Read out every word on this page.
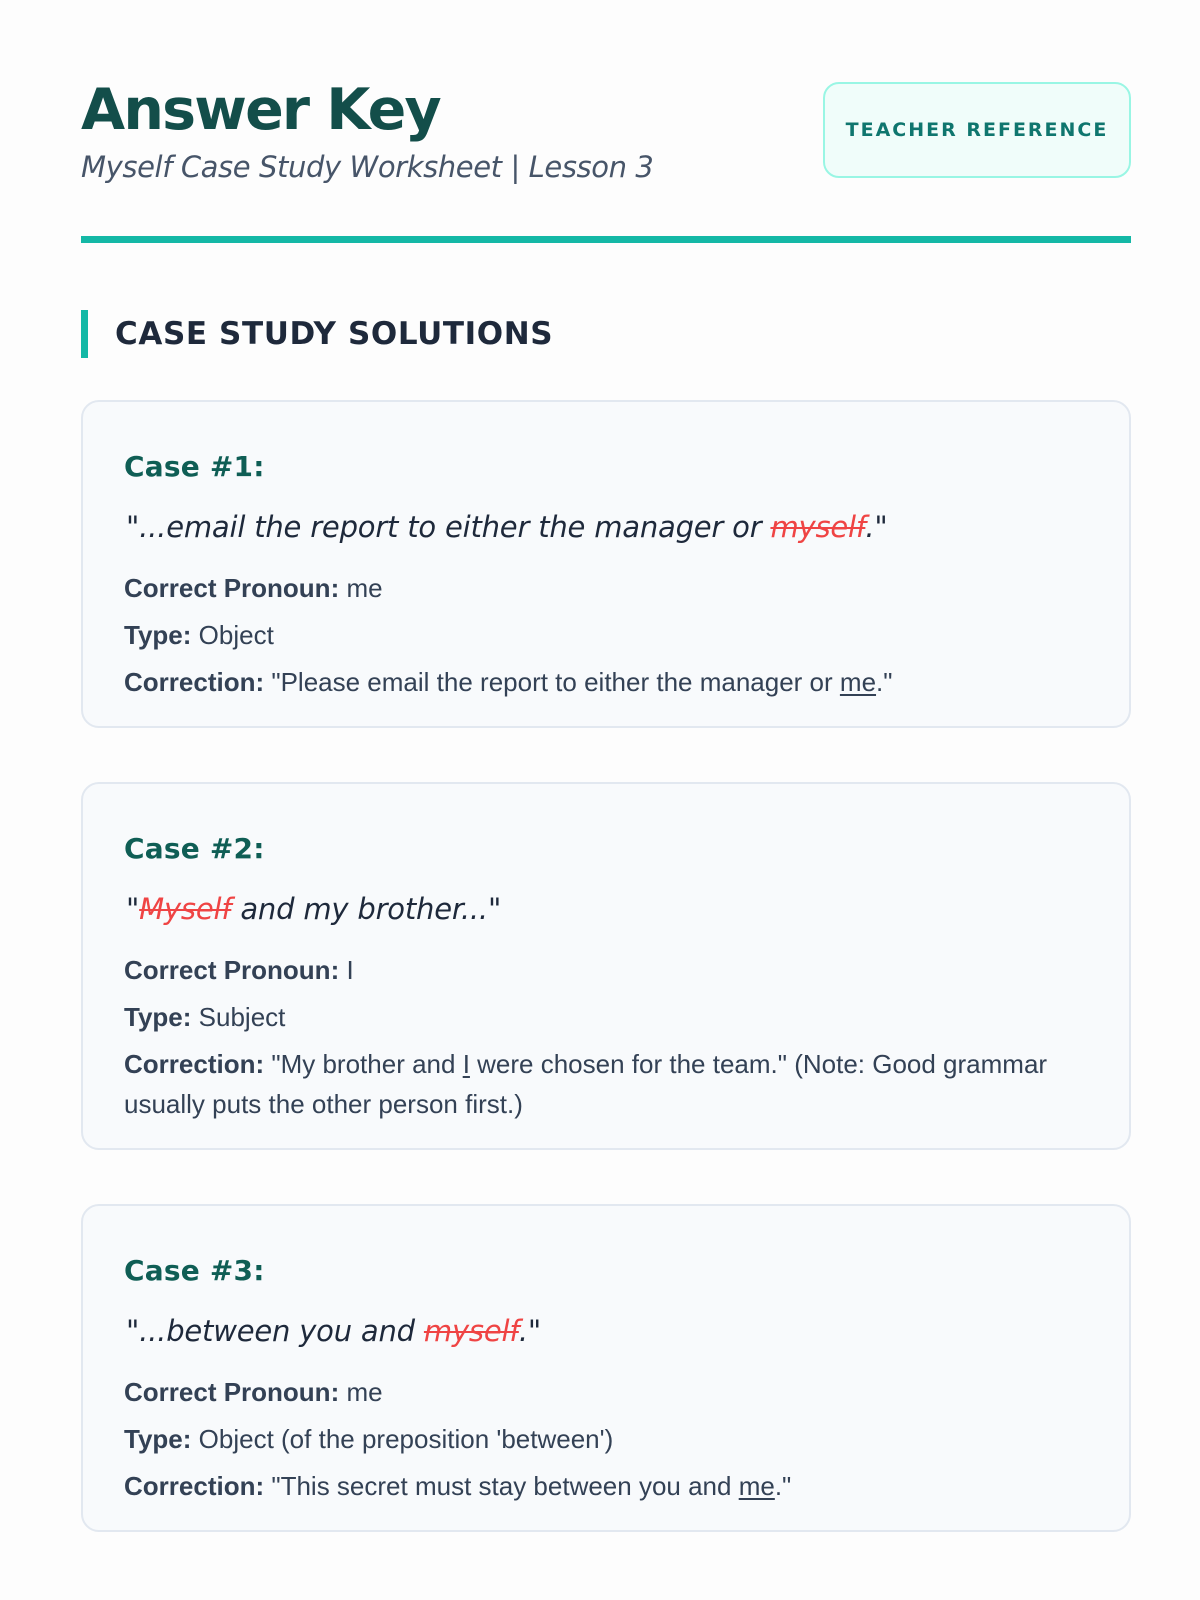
Answer Key

Myself Case Study Worksheet | Lesson 3

TEACHER REFERENCE
CASE STUDY SOLUTIONS
Case #1:
"...email the report to either the manager or myself."
Correct Pronoun: me
Type: Object
Correction: "Please email the report to either the manager or me."
Case #2:
"Myself and my brother..."
Correct Pronoun: I
Type: Subject
Correction: "My brother and I were chosen for the team." (Note: Good grammar usually puts the other person first.)
Case #3:
"...between you and myself."
Correct Pronoun: me
Type: Object (of the preposition 'between')
Correction: "This secret must stay between you and me."
